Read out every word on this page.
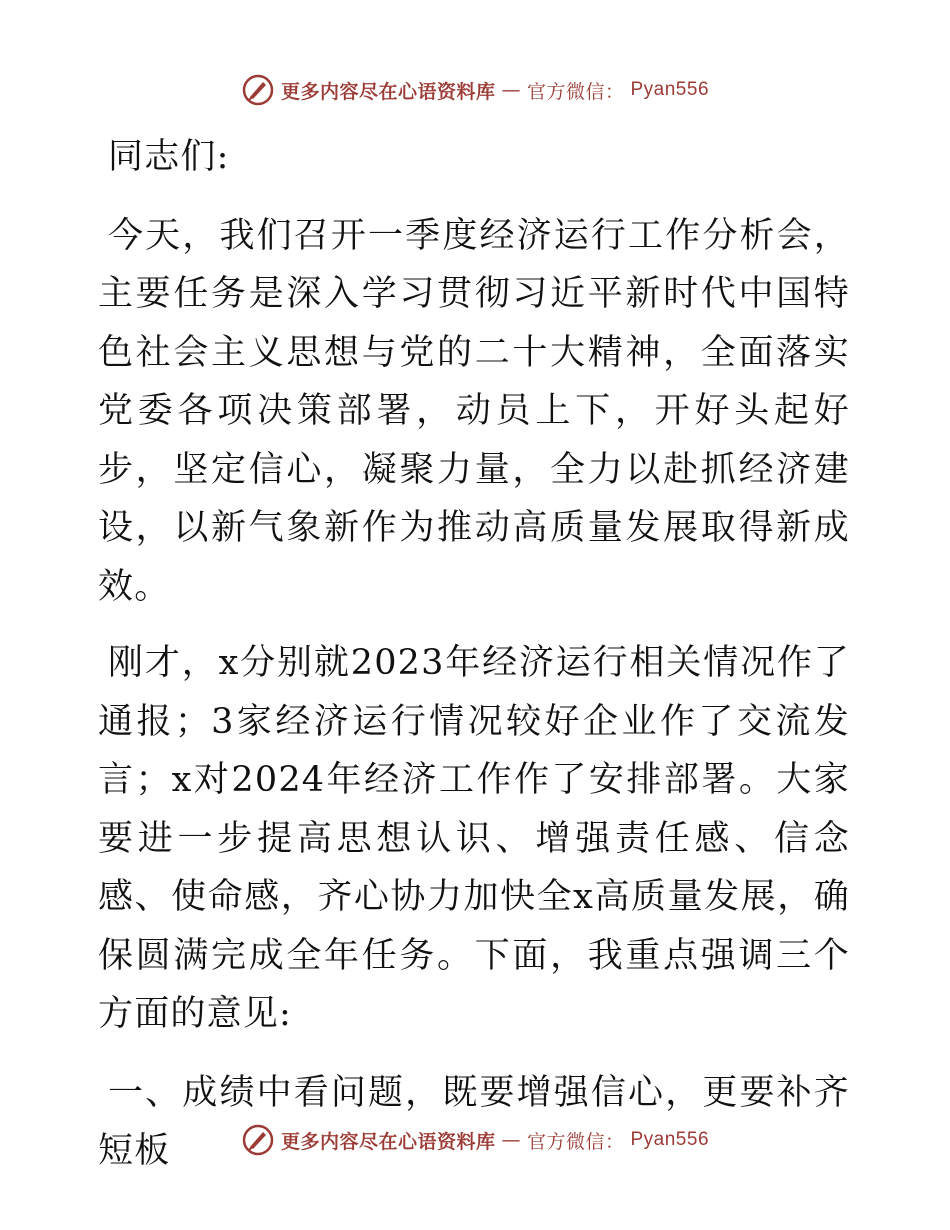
更多内容尽在心语资料库 — 官方微信： Pyan556

同志们:

今天，我们召开一季度经济运行工作分析会，主要任务是深入学习贯彻习近平新时代中国特色社会主义思想与党的二十大精神，全面落实党委各项决策部署，动员上下，开好头起好步，坚定信心，凝聚力量，全力以赴抓经济建设，以新气象新作为推动高质量发展取得新成效。

刚才，x分别就2023年经济运行相关情况作了通报；3家经济运行情况较好企业作了交流发言；x对2024年经济工作作了安排部署。大家要进一步提高思想认识、增强责任感、信念感、使命感，齐心协力加快全x高质量发展，确保圆满完成全年任务。下面，我重点强调三个方面的意见:

一、成绩中看问题，既要增强信心，更要补齐短板	更多内容尽在心语资料库 — 官方微信： Pyan556
